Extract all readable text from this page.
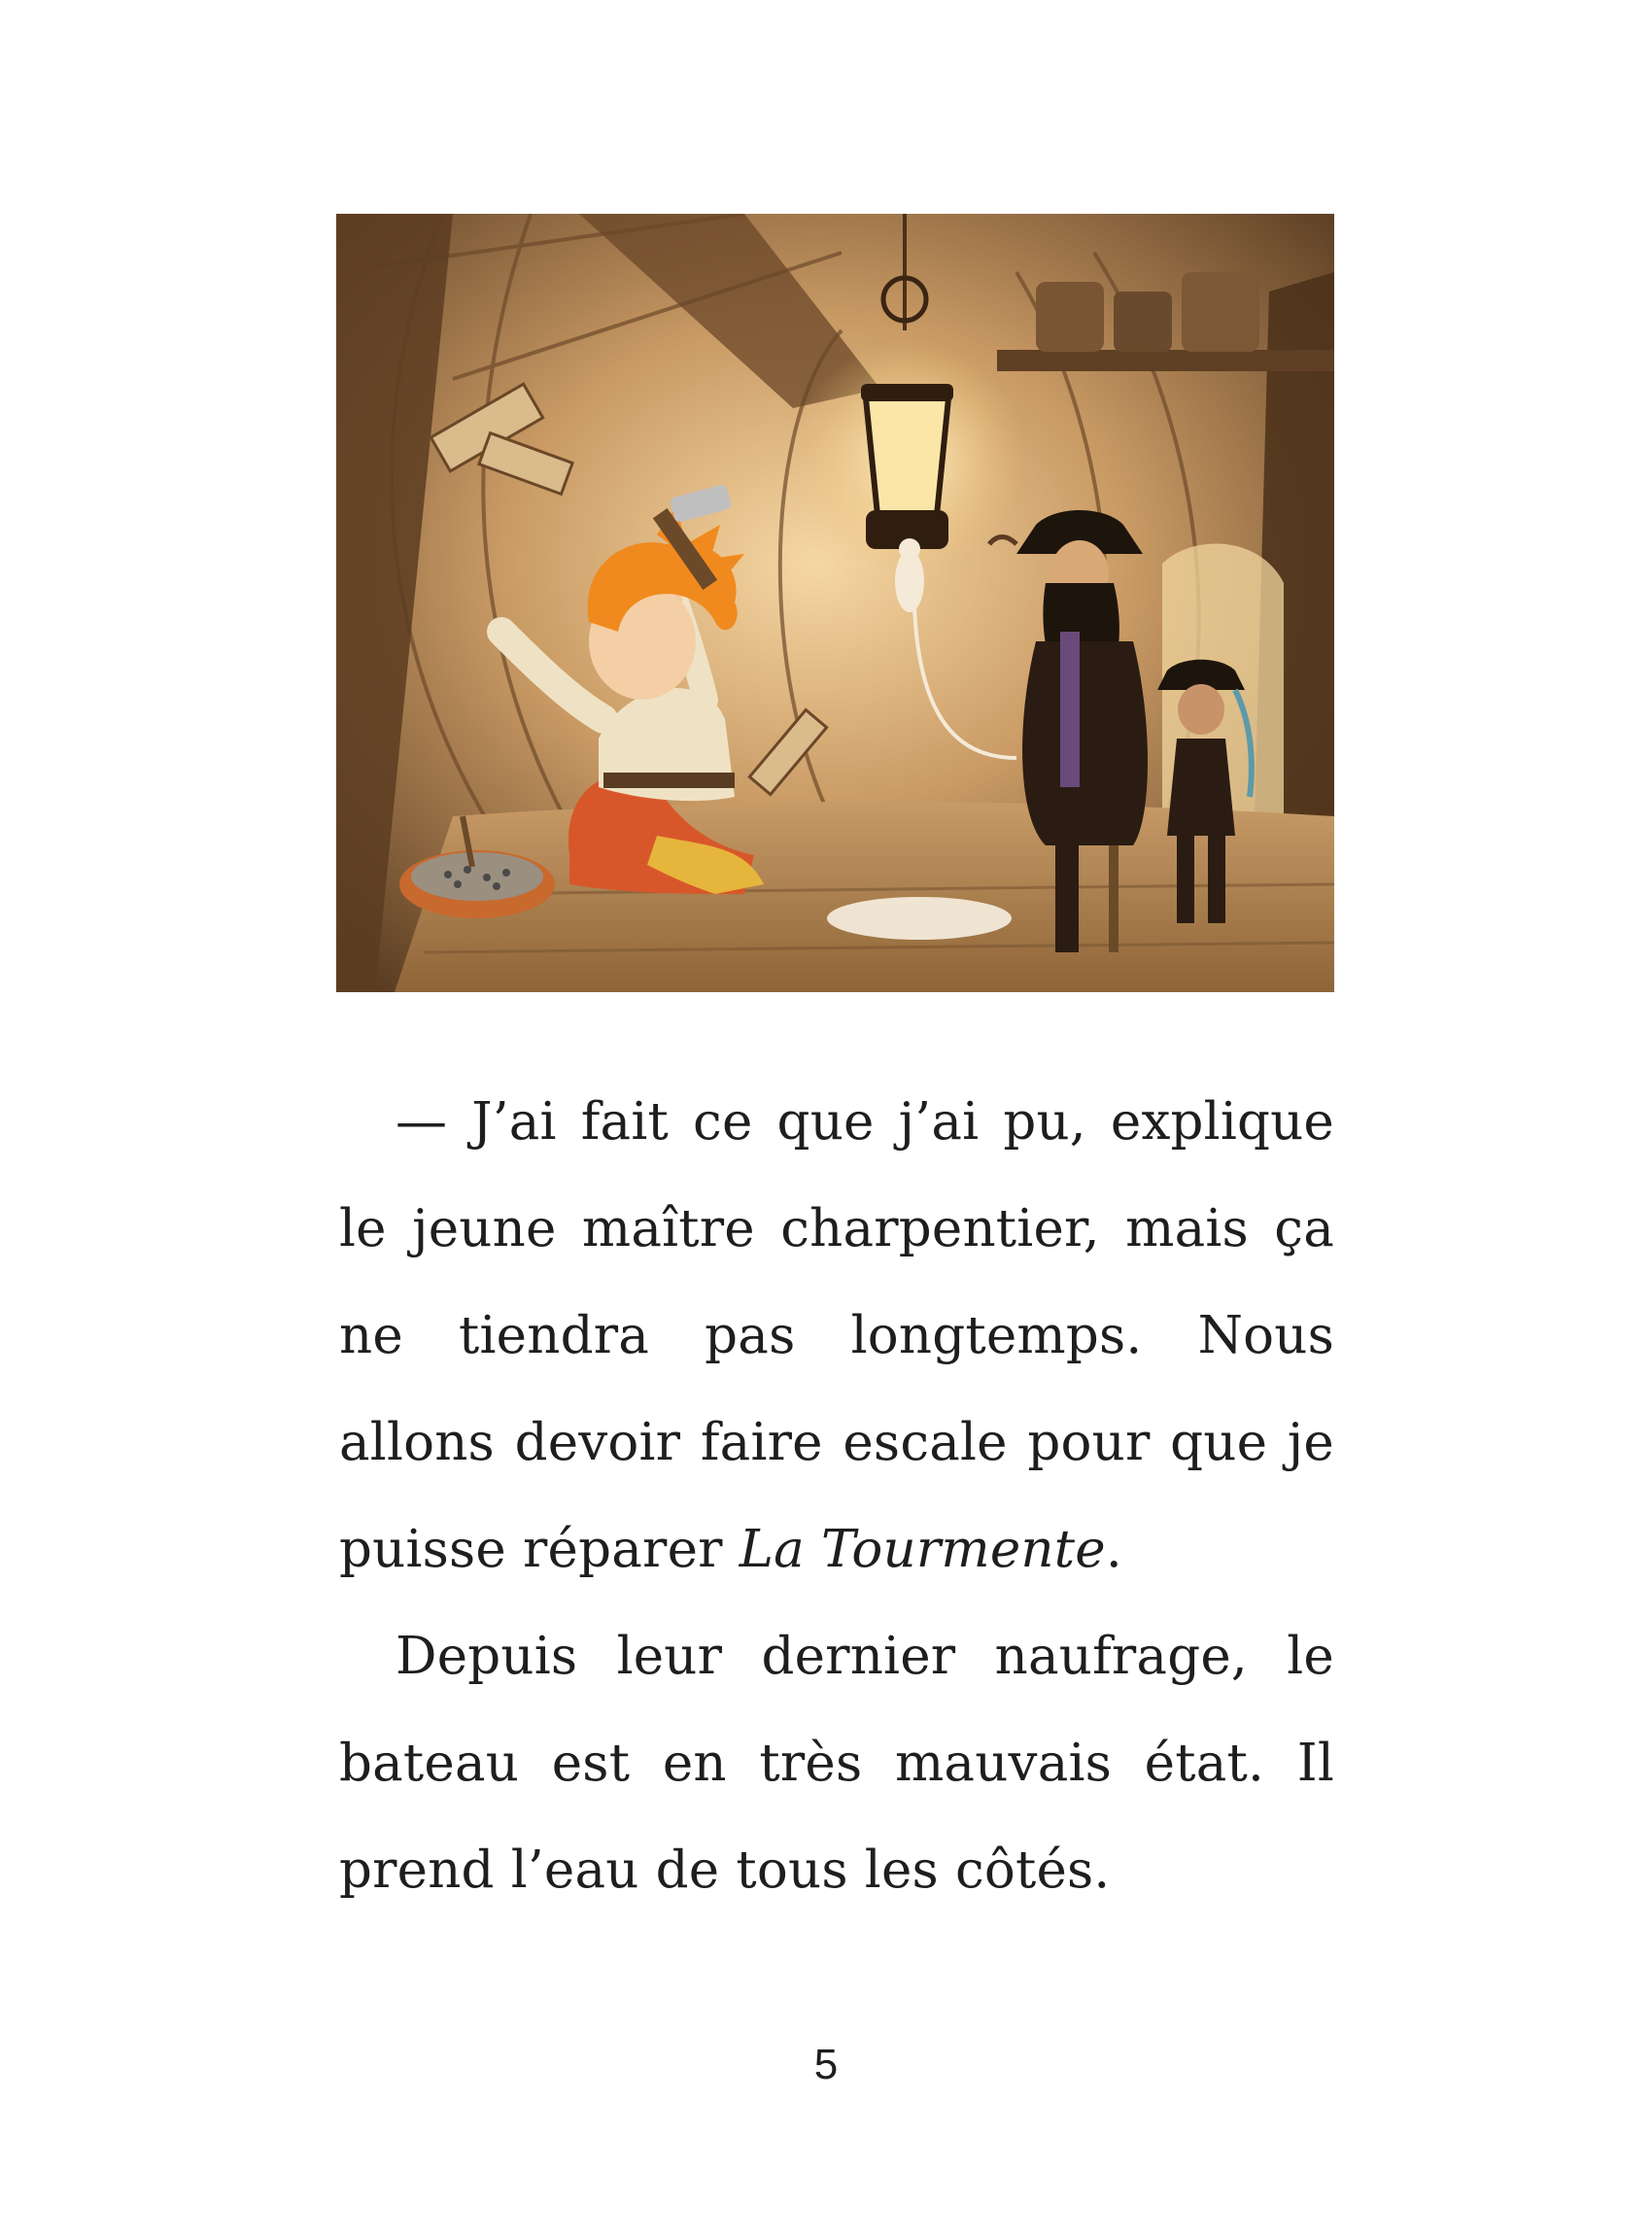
— J’ai fait ce que j’ai pu, explique le jeune maître charpentier, mais ça ne tiendra pas longtemps. Nous allons devoir faire escale pour que je puisse réparer La Tourmente.

Depuis leur dernier naufrage, le bateau est en très mauvais état. Il prend l’eau de tous les côtés.

5
